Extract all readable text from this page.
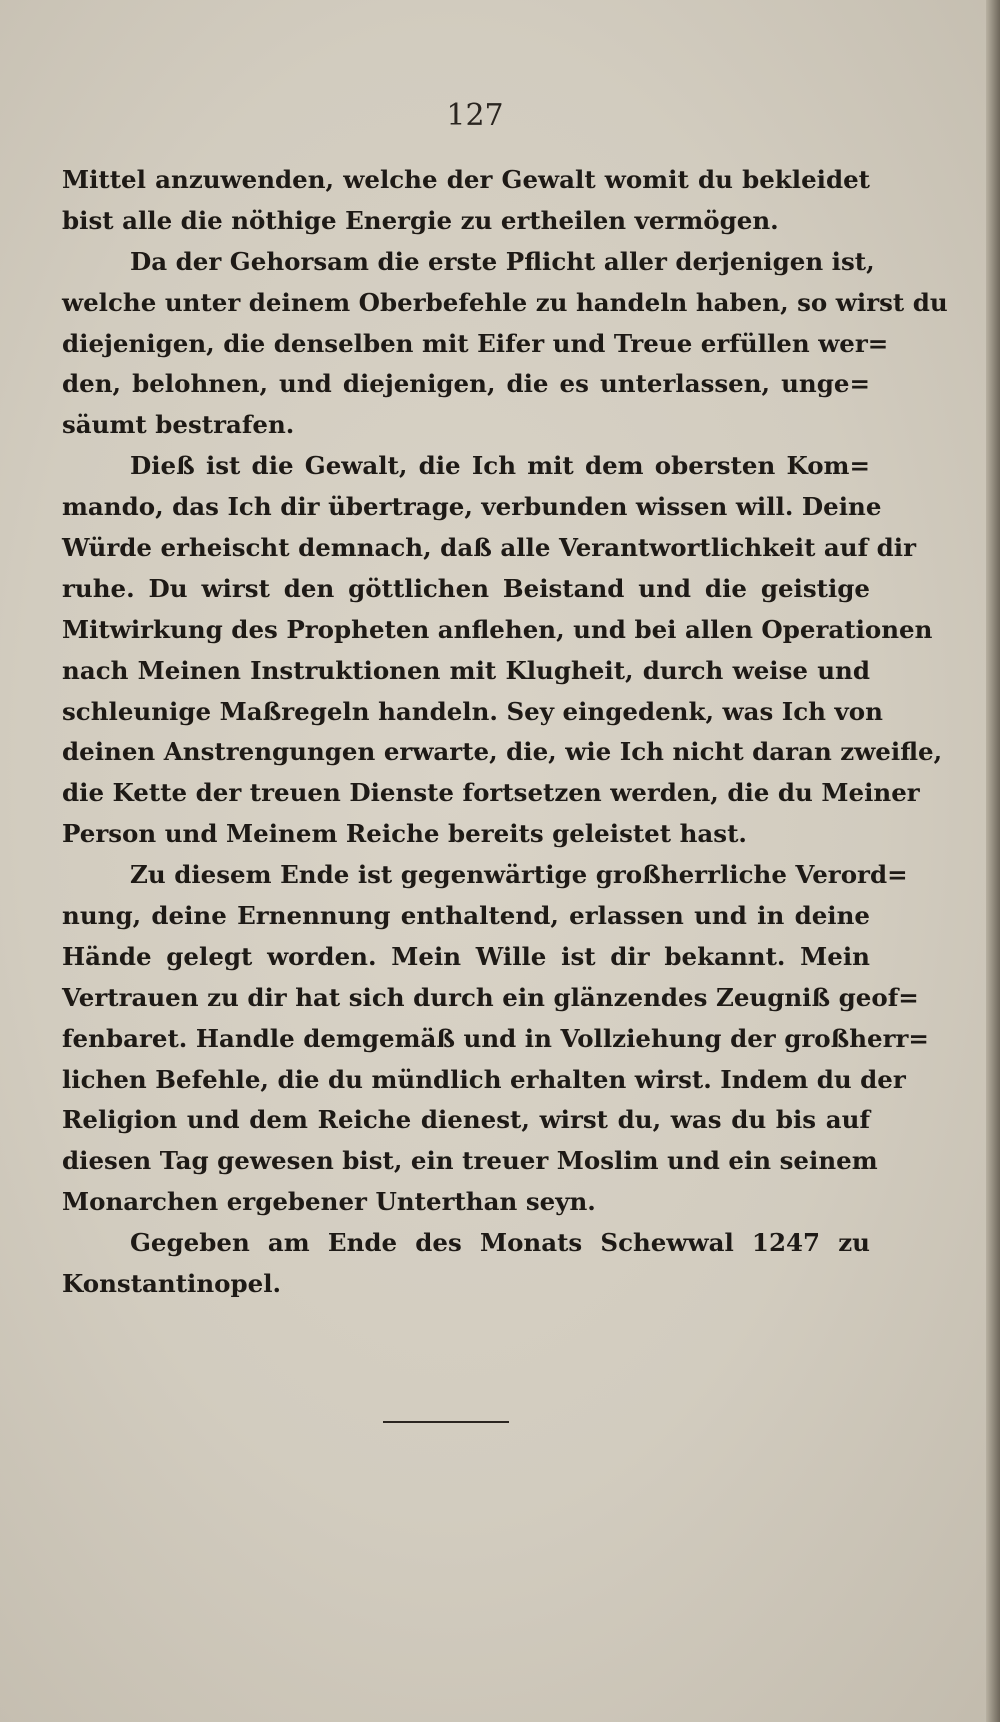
127
Mittel anzuwenden, welche der Gewalt womit du bekleidet
bist alle die nöthige Energie zu ertheilen vermögen.
Da der Gehorsam die erste Pflicht aller derjenigen ist,
welche unter deinem Oberbefehle zu handeln haben, so wirst du
diejenigen, die denselben mit Eifer und Treue erfüllen wer=
den, belohnen, und diejenigen, die es unterlassen, unge=
säumt bestrafen.
Dieß ist die Gewalt, die Ich mit dem obersten Kom=
mando, das Ich dir übertrage, verbunden wissen will. Deine
Würde erheischt demnach, daß alle Verantwortlichkeit auf dir
ruhe. Du wirst den göttlichen Beistand und die geistige
Mitwirkung des Propheten anflehen, und bei allen Operationen
nach Meinen Instruktionen mit Klugheit, durch weise und
schleunige Maßregeln handeln. Sey eingedenk, was Ich von
deinen Anstrengungen erwarte, die, wie Ich nicht daran zweifle,
die Kette der treuen Dienste fortsetzen werden, die du Meiner
Person und Meinem Reiche bereits geleistet hast.
Zu diesem Ende ist gegenwärtige großherrliche Verord=
nung, deine Ernennung enthaltend, erlassen und in deine
Hände gelegt worden. Mein Wille ist dir bekannt. Mein
Vertrauen zu dir hat sich durch ein glänzendes Zeugniß geof=
fenbaret. Handle demgemäß und in Vollziehung der großherr=
lichen Befehle, die du mündlich erhalten wirst. Indem du der
Religion und dem Reiche dienest, wirst du, was du bis auf
diesen Tag gewesen bist, ein treuer Moslim und ein seinem
Monarchen ergebener Unterthan seyn.
Gegeben am Ende des Monats Schewwal 1247 zu
Konstantinopel.
